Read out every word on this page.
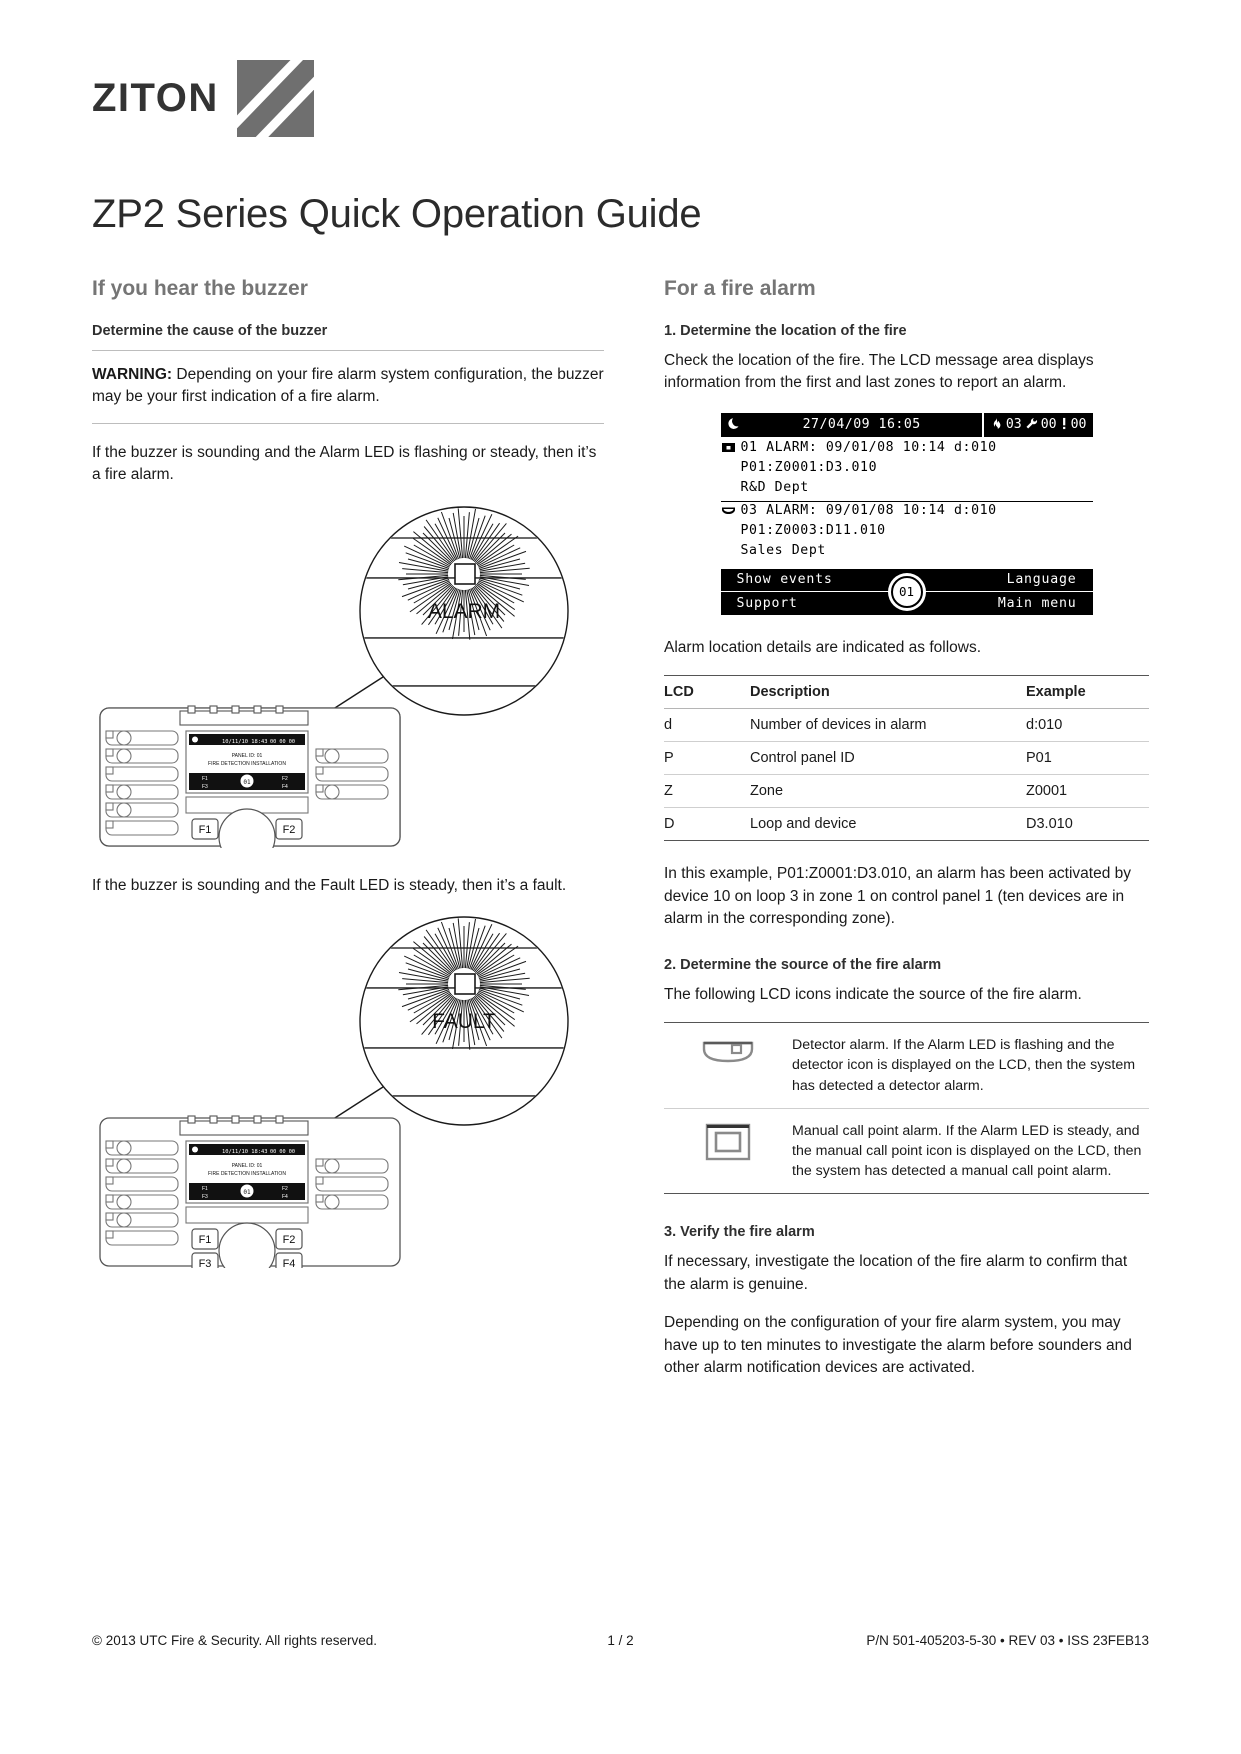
ZITON
ZP2 Series Quick Operation Guide
If you hear the buzzer
Determine the cause of the buzzer

WARNING: Depending on your fire alarm system configuration, the buzzer may be your first indication of a fire alarm.

If the buzzer is sounding and the Alarm LED is flashing or steady, then it’s a fire alarm.

ALARM
10/11/10 18:43 00 00 00
PANEL ID: 01
FIRE DETECTION INSTALLATION
F1
F3
F2
F4
01
F1	F2

If the buzzer is sounding and the Fault LED is steady, then it’s a fault.

FAULT
10/11/10 18:43 00 00 00
PANEL ID: 01
FIRE DETECTION INSTALLATION
F1
F3
F2
F4
01
F1	F2
F3	F4
For a fire alarm
1. Determine the location of the fire

Check the location of the fire. The LCD message area displays information from the first and last zones to report an alarm.

27/04/09 16:05	03 00 00
01 ALARM: 09/01/08 10:14 d:010
P01:Z0001:D3.010
R&D Dept
03 ALARM: 09/01/08 10:14 d:010
P01:Z0003:D11.010
Sales Dept
Show events	Language
Support	Main menu
01

Alarm location details are indicated as follows.

LCD	Description	Example
d	Number of devices in alarm	d:010
P	Control panel ID	P01
Z	Zone	Z0001
D	Loop and device	D3.010

In this example, P01:Z0001:D3.010, an alarm has been activated by device 10 on loop 3 in zone 1 on control panel 1 (ten devices are in alarm in the corresponding zone).

2. Determine the source of the fire alarm

The following LCD icons indicate the source of the fire alarm.

	Detector alarm. If the Alarm LED is flashing and the detector icon is displayed on the LCD, then the system has detected a detector alarm.
	Manual call point alarm. If the Alarm LED is steady, and the manual call point icon is displayed on the LCD, then the system has detected a manual call point alarm.
3. Verify the fire alarm

If necessary, investigate the location of the fire alarm to confirm that the alarm is genuine.

Depending on the configuration of your fire alarm system, you may have up to ten minutes to investigate the alarm before sounders and other alarm notification devices are activated.

© 2013 UTC Fire & Security. All rights reserved.	1 / 2	P/N 501-405203-5-30 • REV 03 • ISS 23FEB13
